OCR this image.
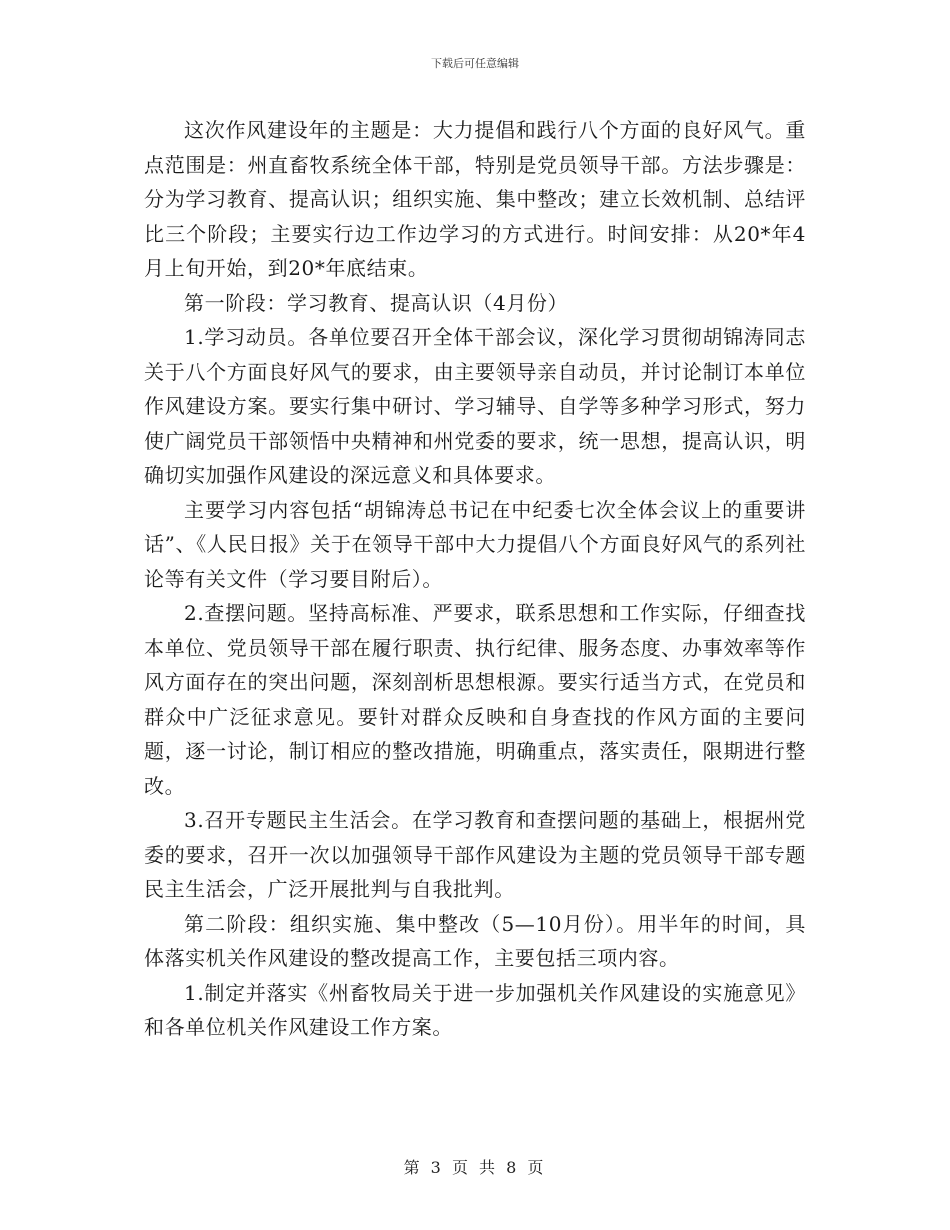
下载后可任意编辑

这次作风建设年的主题是：大力提倡和践行八个方面的良好风气。重点范围是：州直畜牧系统全体干部，特别是党员领导干部。方法步骤是：分为学习教育、提高认识；组织实施、集中整改；建立长效机制、总结评比三个阶段；主要实行边工作边学习的方式进行。时间安排：从20*年4月上旬开始，到20*年底结束。

第一阶段：学习教育、提高认识（4月份）

1.学习动员。各单位要召开全体干部会议，深化学习贯彻胡锦涛同志关于八个方面良好风气的要求，由主要领导亲自动员，并讨论制订本单位作风建设方案。要实行集中研讨、学习辅导、自学等多种学习形式，努力使广阔党员干部领悟中央精神和州党委的要求，统一思想，提高认识，明确切实加强作风建设的深远意义和具体要求。

主要学习内容包括“胡锦涛总书记在中纪委七次全体会议上的重要讲话”、《人民日报》关于在领导干部中大力提倡八个方面良好风气的系列社论等有关文件（学习要目附后）。

2.查摆问题。坚持高标准、严要求，联系思想和工作实际，仔细查找本单位、党员领导干部在履行职责、执行纪律、服务态度、办事效率等作风方面存在的突出问题，深刻剖析思想根源。要实行适当方式，在党员和群众中广泛征求意见。要针对群众反映和自身查找的作风方面的主要问题，逐一讨论，制订相应的整改措施，明确重点，落实责任，限期进行整改。

3.召开专题民主生活会。在学习教育和查摆问题的基础上，根据州党委的要求，召开一次以加强领导干部作风建设为主题的党员领导干部专题民主生活会，广泛开展批判与自我批判。

第二阶段：组织实施、集中整改（5—10月份）。用半年的时间，具体落实机关作风建设的整改提高工作，主要包括三项内容。

1.制定并落实《州畜牧局关于进一步加强机关作风建设的实施意见》和各单位机关作风建设工作方案。

第 3 页 共 8 页
